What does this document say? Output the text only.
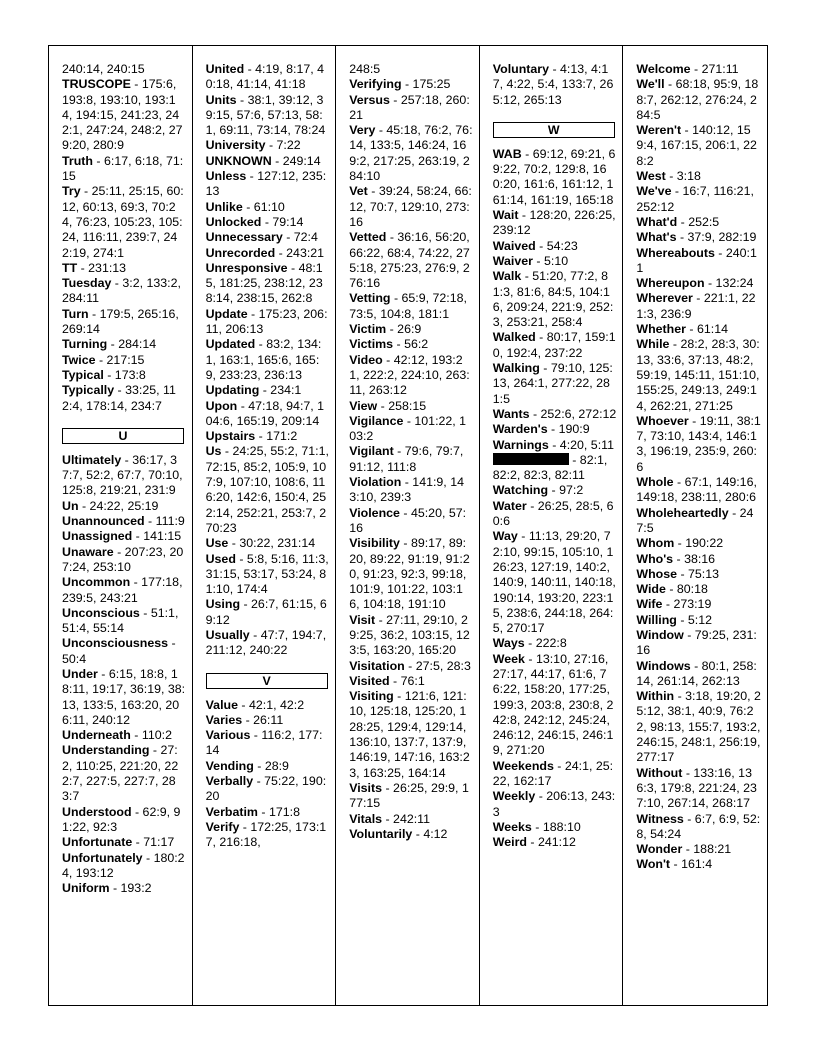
240:14, 240:15
TRUSCOPE - 175:6, 193:8, 193:10, 193:14, 194:15, 241:23, 242:1, 247:24, 248:2, 279:20, 280:9
Truth - 6:17, 6:18, 71:15
Try - 25:11, 25:15, 60:12, 60:13, 69:3, 70:24, 76:23, 105:23, 105:24, 116:11, 239:7, 242:19, 274:1
TT - 231:13
Tuesday - 3:2, 133:2, 284:11
Turn - 179:5, 265:16, 269:14
Turning - 284:14
Twice - 217:15
Typical - 173:8
Typically - 33:25, 112:4, 178:14, 234:7
U
Ultimately - 36:17, 37:7, 52:2, 67:7, 70:10, 125:8, 219:21, 231:9
Un - 24:22, 25:19
Unannounced - 111:9
Unassigned - 141:15
Unaware - 207:23, 207:24, 253:10
Uncommon - 177:18, 239:5, 243:21
Unconscious - 51:1, 51:4, 55:14
Unconsciousness - 50:4
Under - 6:15, 18:8, 18:11, 19:17, 36:19, 38:13, 133:5, 163:20, 206:11, 240:12
Underneath - 110:2
Understanding - 27:2, 110:25, 221:20, 222:7, 227:5, 227:7, 283:7
Understood - 62:9, 91:22, 92:3
Unfortunate - 71:17
Unfortunately - 180:24, 193:12
Uniform - 193:2
United - 4:19, 8:17, 40:18, 41:14, 41:18
Units - 38:1, 39:12, 39:15, 57:6, 57:13, 58:1, 69:11, 73:14, 78:24
University - 7:22
UNKNOWN - 249:14
Unless - 127:12, 235:13
Unlike - 61:10
Unlocked - 79:14
Unnecessary - 72:4
Unrecorded - 243:21
Unresponsive - 48:15, 181:25, 238:12, 238:14, 238:15, 262:8
Update - 175:23, 206:11, 206:13
Updated - 83:2, 134:1, 163:1, 165:6, 165:9, 233:23, 236:13
Updating - 234:1
Upon - 47:18, 94:7, 104:6, 165:19, 209:14
Upstairs - 171:2
Us - 24:25, 55:2, 71:1, 72:15, 85:2, 105:9, 107:9, 107:10, 108:6, 116:20, 142:6, 150:4, 252:14, 252:21, 253:7, 270:23
Use - 30:22, 231:14
Used - 5:8, 5:16, 11:3, 31:15, 53:17, 53:24, 81:10, 174:4
Using - 26:7, 61:15, 69:12
Usually - 47:7, 194:7, 211:12, 240:22
V
Value - 42:1, 42:2
Varies - 26:11
Various - 116:2, 177:14
Vending - 28:9
Verbally - 75:22, 190:20
Verbatim - 171:8
Verify - 172:25, 173:17, 216:18,
248:5
Verifying - 175:25
Versus - 257:18, 260:21
Very - 45:18, 76:2, 76:14, 133:5, 146:24, 169:2, 217:25, 263:19, 284:10
Vet - 39:24, 58:24, 66:12, 70:7, 129:10, 273:16
Vetted - 36:16, 56:20, 66:22, 68:4, 74:22, 275:18, 275:23, 276:9, 276:16
Vetting - 65:9, 72:18, 73:5, 104:8, 181:1
Victim - 26:9
Victims - 56:2
Video - 42:12, 193:21, 222:2, 224:10, 263:11, 263:12
View - 258:15
Vigilance - 101:22, 103:2
Vigilant - 79:6, 79:7, 91:12, 111:8
Violation - 141:9, 143:10, 239:3
Violence - 45:20, 57:16
Visibility - 89:17, 89:20, 89:22, 91:19, 91:20, 91:23, 92:3, 99:18, 101:9, 101:22, 103:16, 104:18, 191:10
Visit - 27:11, 29:10, 29:25, 36:2, 103:15, 123:5, 163:20, 165:20
Visitation - 27:5, 28:3
Visited - 76:1
Visiting - 121:6, 121:10, 125:18, 125:20, 128:25, 129:4, 129:14, 136:10, 137:7, 137:9, 146:19, 147:16, 163:23, 163:25, 164:14
Visits - 26:25, 29:9, 177:15
Vitals - 242:11
Voluntarily - 4:12
Voluntary - 4:13, 4:17, 4:22, 5:4, 133:7, 265:12, 265:13
W
WAB - 69:12, 69:21, 69:22, 70:2, 129:8, 160:20, 161:6, 161:12, 161:14, 161:19, 165:18
Wait - 128:20, 226:25, 239:12
Waived - 54:23
Waiver - 5:10
Walk - 51:20, 77:2, 81:3, 81:6, 84:5, 104:16, 209:24, 221:9, 252:3, 253:21, 258:4
Walked - 80:17, 159:10, 192:4, 237:22
Walking - 79:10, 125:13, 264:1, 277:22, 281:5
Wants - 252:6, 272:12
Warden's - 190:9
Warnings - 4:20, 5:11
- 82:1, 82:2, 82:3, 82:11
Watching - 97:2
Water - 26:25, 28:5, 60:6
Way - 11:13, 29:20, 72:10, 99:15, 105:10, 126:23, 127:19, 140:2, 140:9, 140:11, 140:18, 190:14, 193:20, 223:15, 238:6, 244:18, 264:5, 270:17
Ways - 222:8
Week - 13:10, 27:16, 27:17, 44:17, 61:6, 76:22, 158:20, 177:25, 199:3, 203:8, 230:8, 242:8, 242:12, 245:24, 246:12, 246:15, 246:19, 271:20
Weekends - 24:1, 25:22, 162:17
Weekly - 206:13, 243:3
Weeks - 188:10
Weird - 241:12
Welcome - 271:11
We'll - 68:18, 95:9, 188:7, 262:12, 276:24, 284:5
Weren't - 140:12, 159:4, 167:15, 206:1, 228:2
West - 3:18
We've - 16:7, 116:21, 252:12
What'd - 252:5
What's - 37:9, 282:19
Whereabouts - 240:11
Whereupon - 132:24
Wherever - 221:1, 221:3, 236:9
Whether - 61:14
While - 28:2, 28:3, 30:13, 33:6, 37:13, 48:2, 59:19, 145:11, 151:10, 155:25, 249:13, 249:14, 262:21, 271:25
Whoever - 19:11, 38:17, 73:10, 143:4, 146:13, 196:19, 235:9, 260:6
Whole - 67:1, 149:16, 149:18, 238:11, 280:6
Wholeheartedly - 247:5
Whom - 190:22
Who's - 38:16
Whose - 75:13
Wide - 80:18
Wife - 273:19
Willing - 5:12
Window - 79:25, 231:16
Windows - 80:1, 258:14, 261:14, 262:13
Within - 3:18, 19:20, 25:12, 38:1, 40:9, 76:22, 98:13, 155:7, 193:2, 246:15, 248:1, 256:19, 277:17
Without - 133:16, 136:3, 179:8, 221:24, 237:10, 267:14, 268:17
Witness - 6:7, 6:9, 52:8, 54:24
Wonder - 188:21
Won't - 161:4
